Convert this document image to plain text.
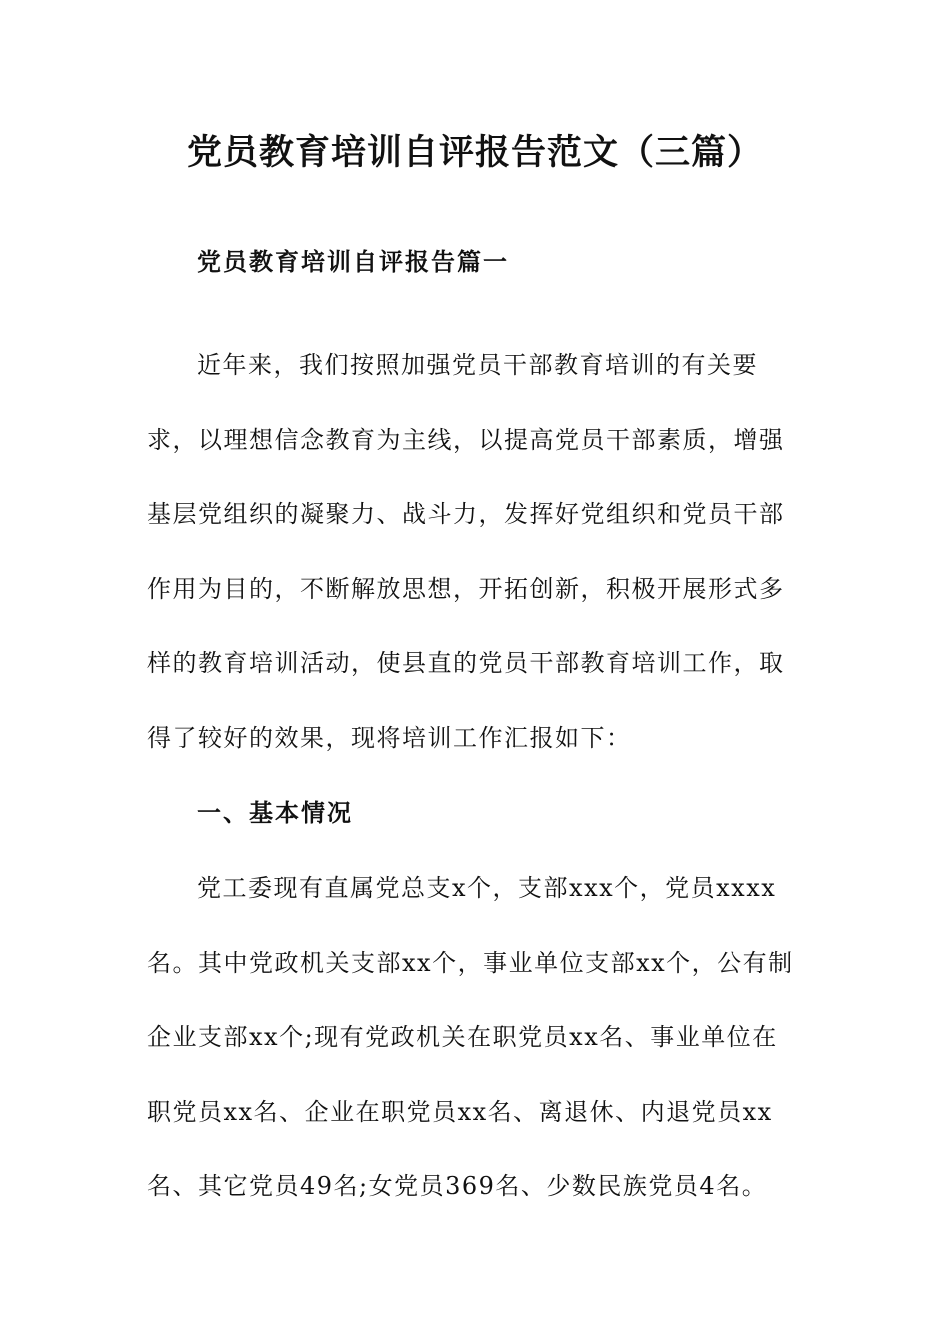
党员教育培训自评报告范文（三篇）
党员教育培训自评报告篇一
近年来，我们按照加强党员干部教育培训的有关要
求，以理想信念教育为主线，以提高党员干部素质，增强
基层党组织的凝聚力、战斗力，发挥好党组织和党员干部
作用为目的，不断解放思想，开拓创新，积极开展形式多
样的教育培训活动，使县直的党员干部教育培训工作，取
得了较好的效果，现将培训工作汇报如下：
一、基本情况
党工委现有直属党总支x个，支部xxx个，党员xxxx
名。其中党政机关支部xx个，事业单位支部xx个，公有制
企业支部xx个;现有党政机关在职党员xx名、事业单位在
职党员xx名、企业在职党员xx名、离退休、内退党员xx
名、其它党员49名;女党员369名、少数民族党员4名。
